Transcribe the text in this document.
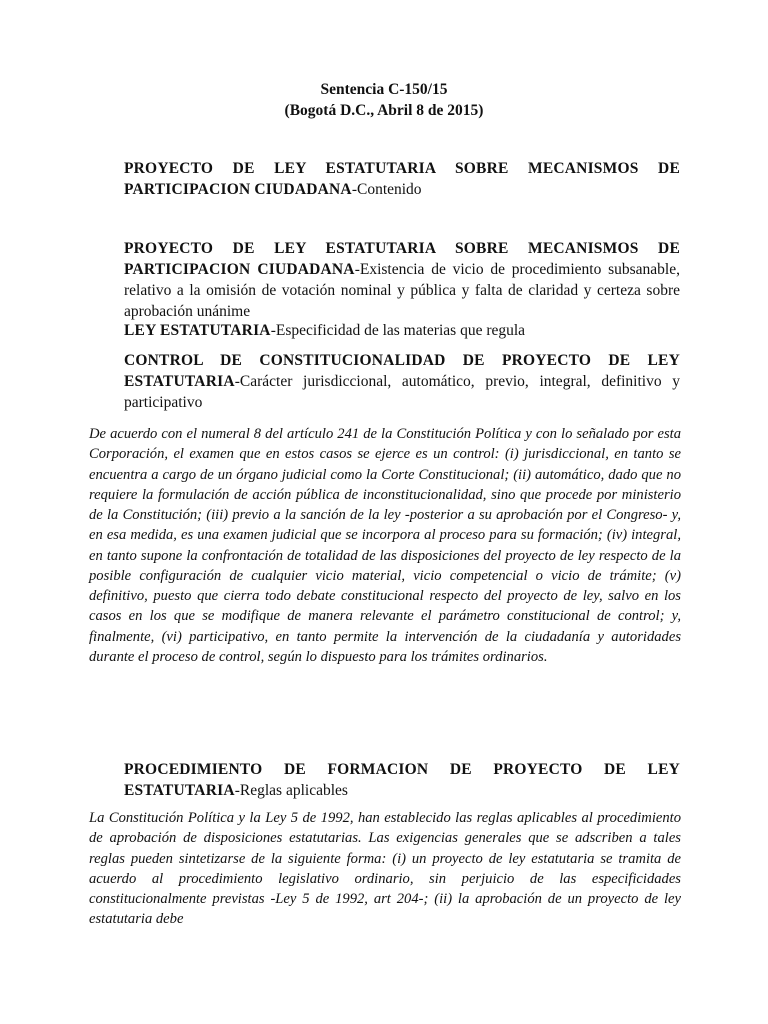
Sentencia C-150/15
(Bogotá D.C., Abril 8 de 2015)
PROYECTO DE LEY ESTATUTARIA SOBRE MECANISMOS DE PARTICIPACION CIUDADANA-Contenido
PROYECTO DE LEY ESTATUTARIA SOBRE MECANISMOS DE PARTICIPACION CIUDADANA-Existencia de vicio de procedimiento subsanable, relativo a la omisión de votación nominal y pública y falta de claridad y certeza sobre aprobación unánime
LEY ESTATUTARIA-Especificidad de las materias que regula
CONTROL DE CONSTITUCIONALIDAD DE PROYECTO DE LEY ESTATUTARIA-Carácter jurisdiccional, automático, previo, integral, definitivo y participativo
De acuerdo con el numeral 8 del artículo 241 de la Constitución Política y con lo señalado por esta Corporación, el examen que en estos casos se ejerce es un control: (i) jurisdiccional, en tanto se encuentra a cargo de un órgano judicial como la Corte Constitucional; (ii) automático, dado que no requiere la formulación de acción pública de inconstitucionalidad, sino que procede por ministerio de la Constitución; (iii) previo a la sanción de la ley -posterior a su aprobación por el Congreso- y, en esa medida, es una examen judicial que se incorpora al proceso para su formación; (iv) integral, en tanto supone la confrontación de totalidad de las disposiciones del proyecto de ley respecto de la posible configuración de cualquier vicio material, vicio competencial o vicio de trámite; (v) definitivo, puesto que cierra todo debate constitucional respecto del proyecto de ley, salvo en los casos en los que se modifique de manera relevante el parámetro constitucional de control; y, finalmente, (vi) participativo, en tanto permite la intervención de la ciudadanía y autoridades durante el proceso de control, según lo dispuesto para los trámites ordinarios.
PROCEDIMIENTO DE FORMACION DE PROYECTO DE LEY ESTATUTARIA-Reglas aplicables
La Constitución Política y la Ley 5 de 1992, han establecido las reglas aplicables al procedimiento de aprobación de disposiciones estatutarias. Las exigencias generales que se adscriben a tales reglas pueden sintetizarse de la siguiente forma: (i) un proyecto de ley estatutaria se tramita de acuerdo al procedimiento legislativo ordinario, sin perjuicio de las especificidades constitucionalmente previstas -Ley 5 de 1992, art 204-; (ii) la aprobación de un proyecto de ley estatutaria debe
